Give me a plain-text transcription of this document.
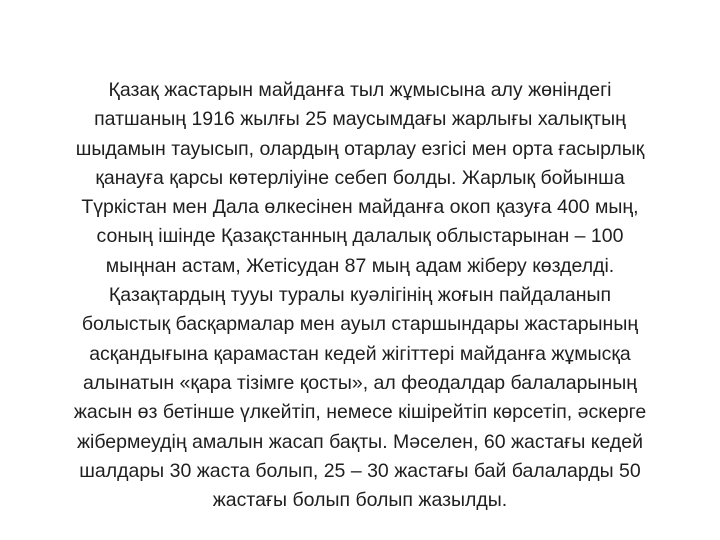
Қазақ жастарын майданға тыл жұмысына алу жөніндегі
патшаның 1916 жылғы 25 маусымдағы жарлығы халықтың
шыдамын тауысып, олардың отарлау езгісі мен орта ғасырлық
қанауға қарсы көтерліуіне себеп болды. Жарлық бойынша
Түркістан мен Дала өлкесінен майданға окоп қазуға 400 мың,
соның ішінде Қазақстанның далалық облыстарынан – 100
мыңнан астам, Жетісудан 87 мың адам жіберу көзделді.
Қазақтардың тууы туралы куәлігінің жоғын пайдаланып
болыстық басқармалар мен ауыл старшындары жастарының
асқандығына қарамастан кедей жігіттері майданға жұмысқа
алынатын «қара тізімге қосты», ал феодалдар балаларының
жасын өз бетінше үлкейтіп, немесе кішірейтіп көрсетіп, әскерге
жібермеудің амалын жасап бақты. Мәселен, 60 жастағы кедей
шалдары 30 жаста болып, 25 – 30 жастағы бай балаларды 50
жастағы болып болып жазылды.
